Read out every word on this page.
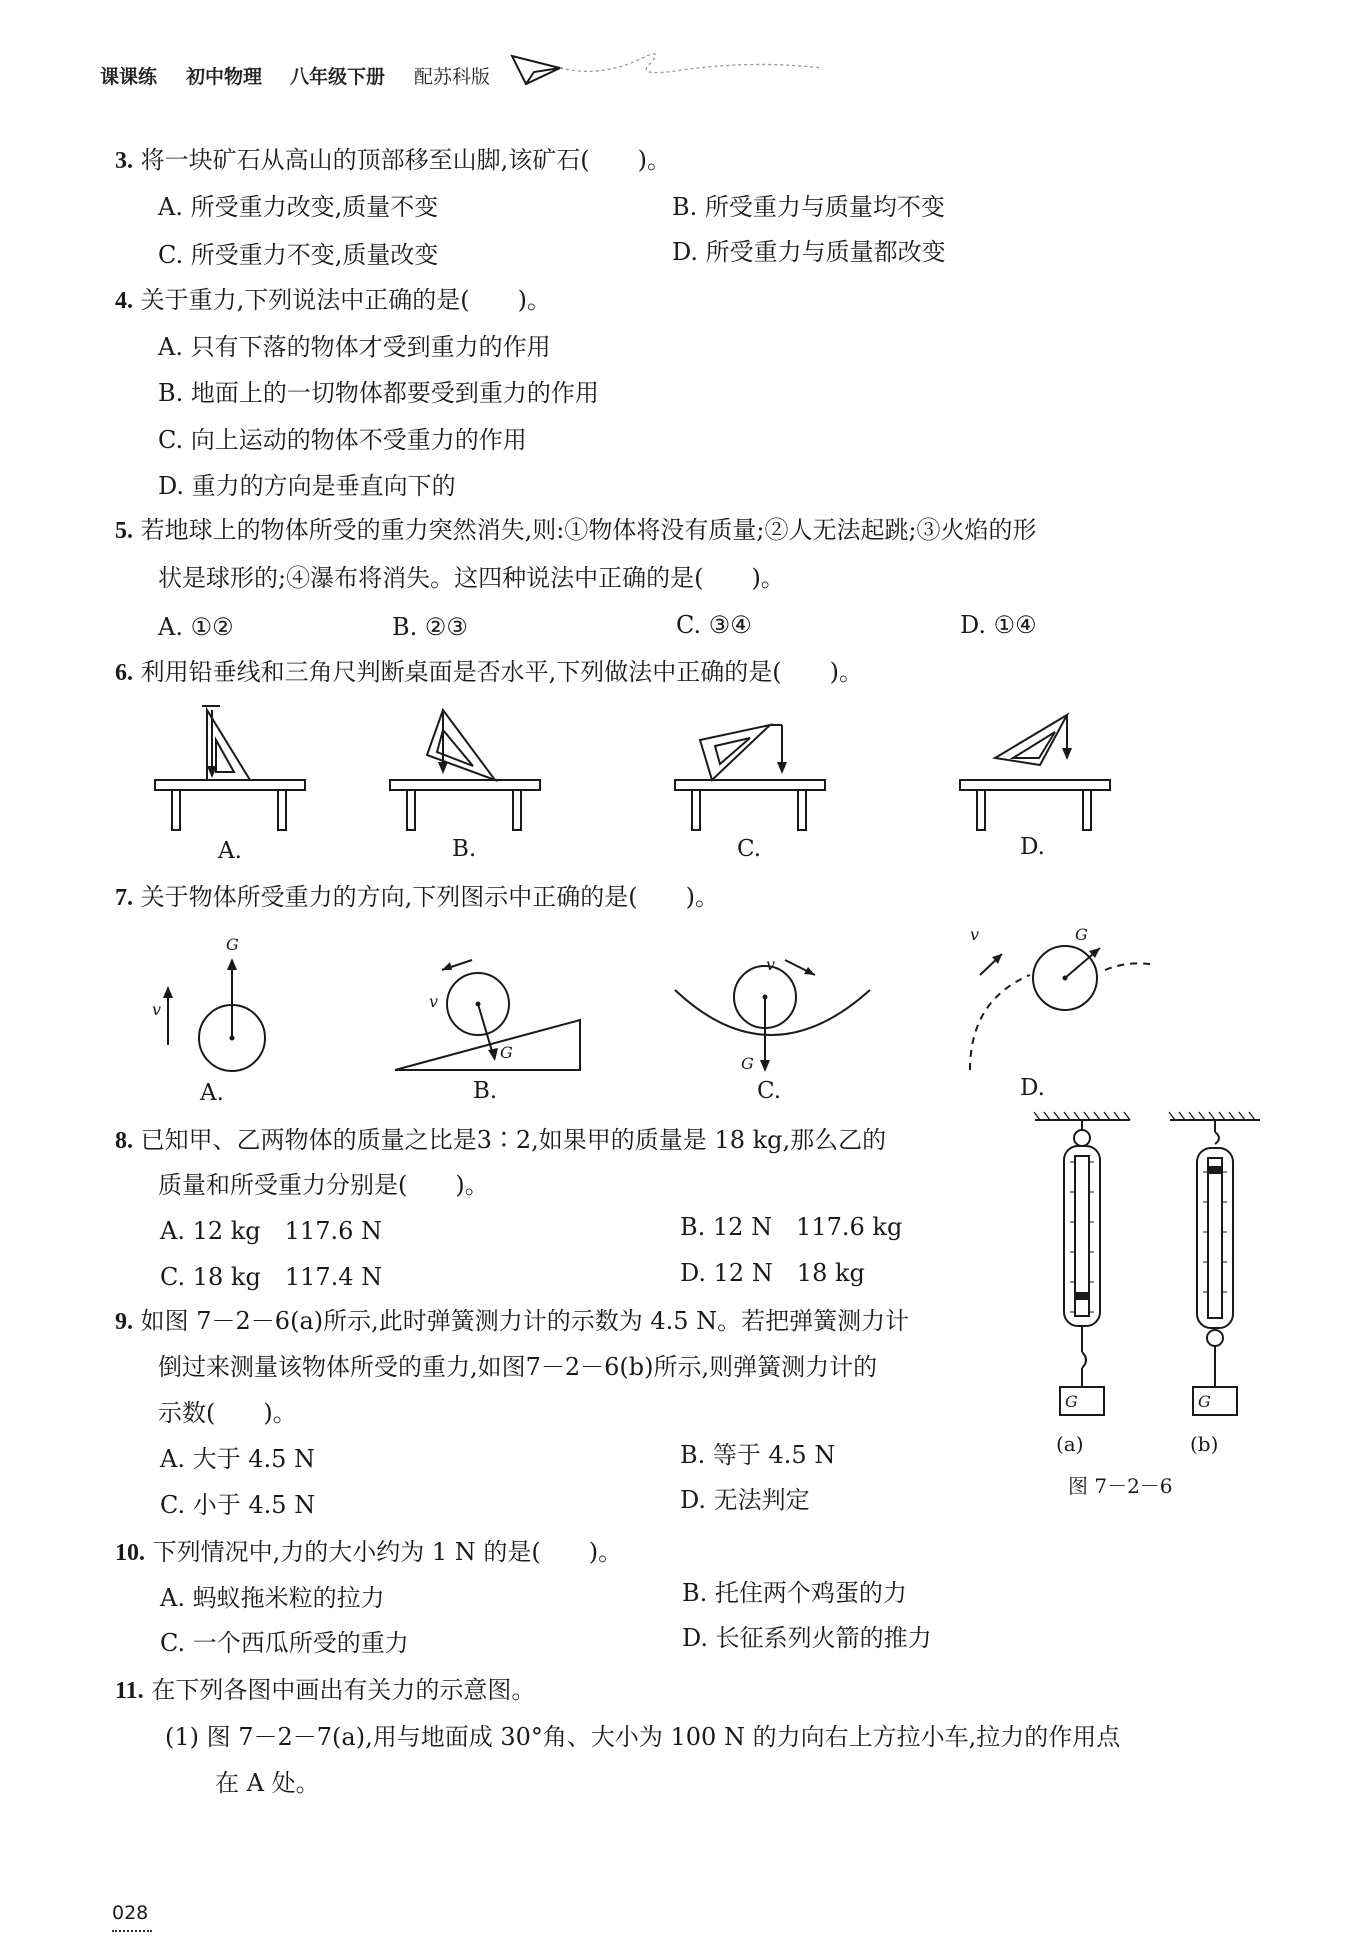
课课练 初中物理 八年级下册 配苏科版
3. 将一块矿石从高山的顶部移至山脚,该矿石(　　)。
A. 所受重力改变,质量不变	B. 所受重力与质量均不变
C. 所受重力不变,质量改变	D. 所受重力与质量都改变
4. 关于重力,下列说法中正确的是(　　)。
A. 只有下落的物体才受到重力的作用
B. 地面上的一切物体都要受到重力的作用
C. 向上运动的物体不受重力的作用
D. 重力的方向是垂直向下的
5. 若地球上的物体所受的重力突然消失,则:①物体将没有质量;②人无法起跳;③火焰的形
状是球形的;④瀑布将消失。这四种说法中正确的是(　　)。
A. ①②	B. ②③	C. ③④	D. ①④
6. 利用铅垂线和三角尺判断桌面是否水平,下列做法中正确的是(　　)。
A.	B.	C.	D.
7. 关于物体所受重力的方向,下列图示中正确的是(　　)。
G
v	v
G
v
G
v	G
A.	B.	C.	D.
8. 已知甲、乙两物体的质量之比是3∶2,如果甲的质量是 18 kg,那么乙的
质量和所受重力分别是(　　)。
A. 12 kg　117.6 N	B. 12 N　117.6 kg
C. 18 kg　117.4 N	D. 12 N　18 kg
9. 如图 7－2－6(a)所示,此时弹簧测力计的示数为 4.5 N。若把弹簧测力计
倒过来测量该物体所受的重力,如图7－2－6(b)所示,则弹簧测力计的
示数(　　)。
A. 大于 4.5 N	B. 等于 4.5 N
C. 小于 4.5 N	D. 无法判定
G	G
(a)	(b)
图 7－2－6
10. 下列情况中,力的大小约为 1 N 的是(　　)。
A. 蚂蚁拖米粒的拉力	B. 托住两个鸡蛋的力
C. 一个西瓜所受的重力	D. 长征系列火箭的推力
11. 在下列各图中画出有关力的示意图。
(1) 图 7－2－7(a),用与地面成 30°角、大小为 100 N 的力向右上方拉小车,拉力的作用点
在 A 处。
028
